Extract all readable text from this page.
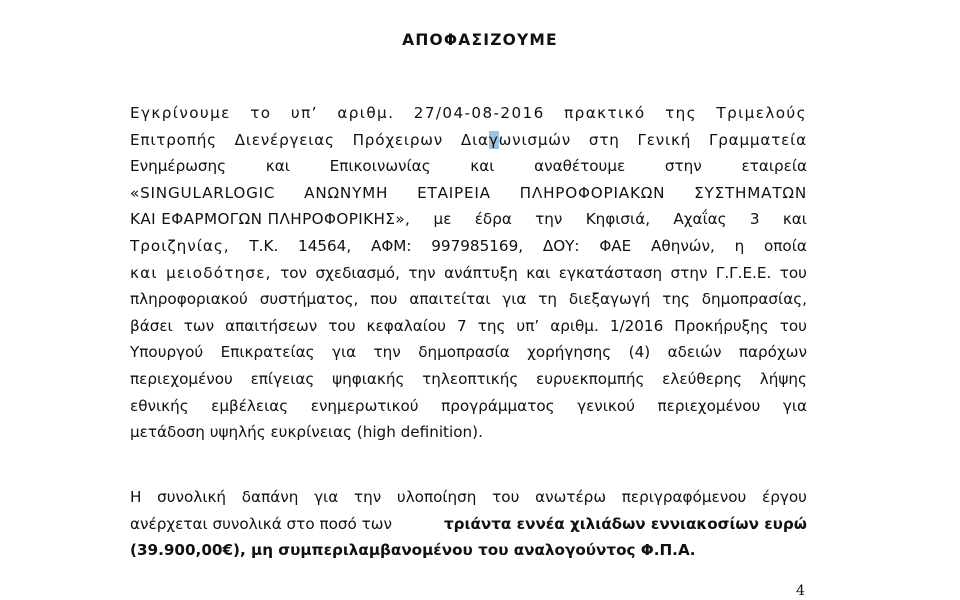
ΑΠΟΦΑΣΙΖΟΥΜΕ
Εγκρίνουμε το υπ’ αριθμ. 27/04-08-2016 πρακτικό της Τριμελούς
Επιτροπής Διενέργειας Πρόχειρων Διαγωνισμών στη Γενική Γραμματεία
Ενημέρωσης	και	Επικοινωνίας	και	αναθέτουμε	στην	εταιρεία
«SINGULARLOGIC ΑΝΩΝΥΜΗ ΕΤΑΙΡΕΙΑ ΠΛΗΡΟΦΟΡΙΑΚΩΝ ΣΥΣΤΗΜΑΤΩΝ
ΚΑΙ ΕΦΑΡΜΟΓΩΝ ΠΛΗΡΟΦΟΡΙΚΗΣ», με έδρα την Κηφισιά, Αχαΐας 3 και
Τροιζηνίας, Τ.Κ. 14564, ΑΦΜ: 997985169, ΔΟΥ: ΦΑΕ Αθηνών, η οποία
και μειοδότησε, τον σχεδιασμό, την ανάπτυξη και εγκατάσταση στην Γ.Γ.Ε.Ε. του
πληροφοριακού συστήματος, που απαιτείται για τη διεξαγωγή της δημοπρασίας,
βάσει των απαιτήσεων του κεφαλαίου 7 της υπ’ αριθμ. 1/2016 Προκήρυξης του
Υπουργού Επικρατείας για την δημοπρασία χορήγησης (4) αδειών παρόχων
περιεχομένου επίγειας ψηφιακής τηλεοπτικής ευρυεκπομπής ελεύθερης λήψης
εθνικής εμβέλειας ενημερωτικού προγράμματος γενικού περιεχομένου για
μετάδοση υψηλής ευκρίνειας (high definition).
Η συνολική δαπάνη για την υλοποίηση του ανωτέρω περιγραφόμενου έργου
ανέρχεται συνολικά στο ποσό των	τριάντα εννέα χιλιάδων εννιακοσίων ευρώ
(39.900,00€), μη συμπεριλαμβανομένου του αναλογούντος Φ.Π.Α.
4
